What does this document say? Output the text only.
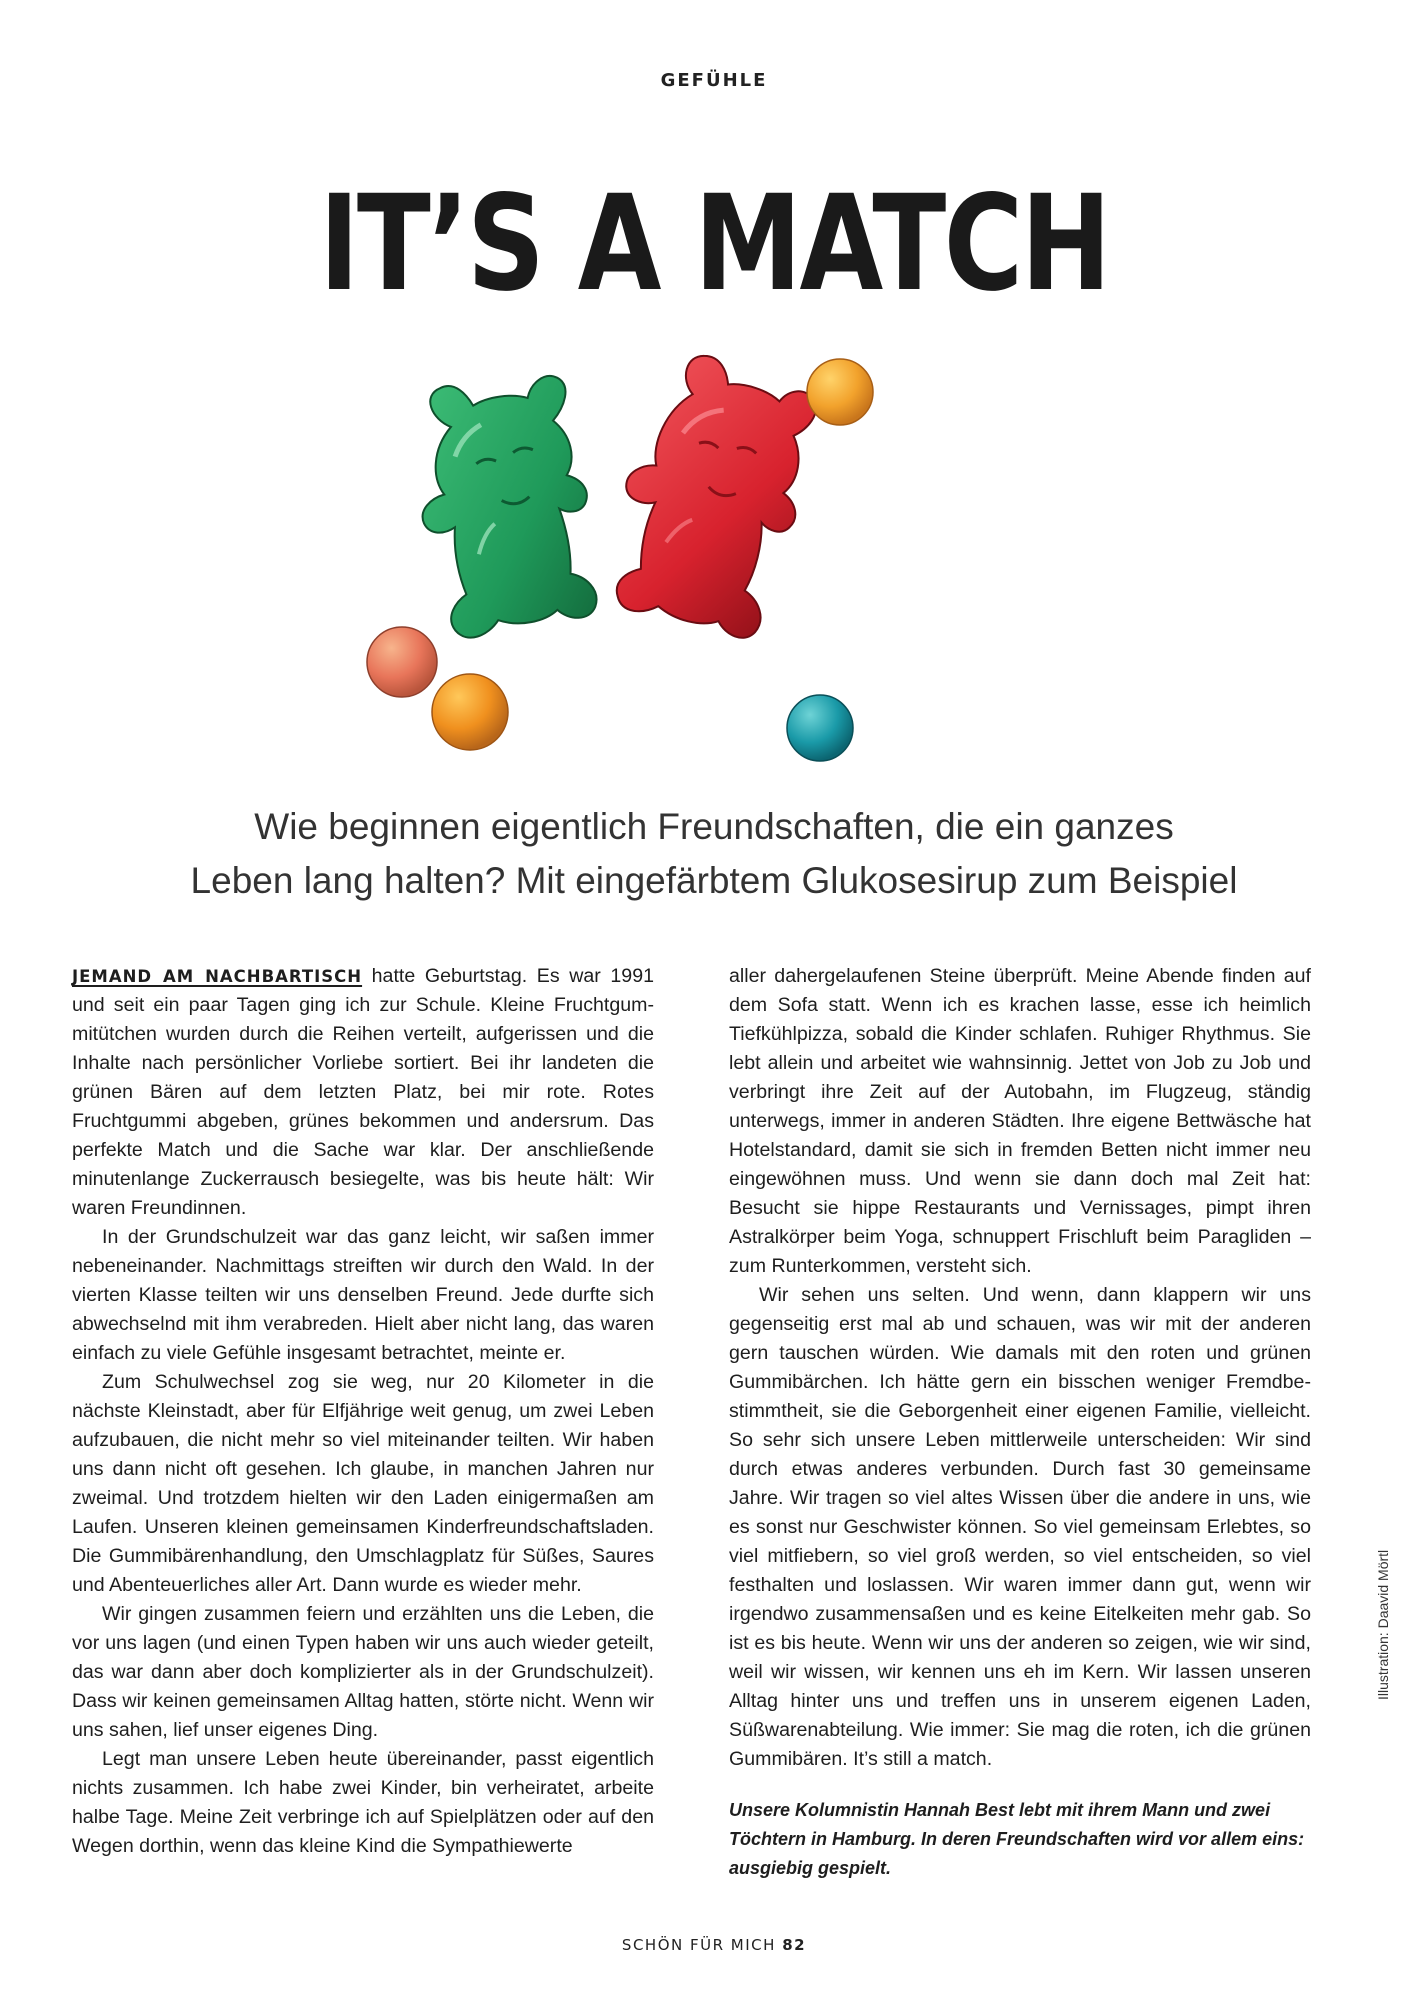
GEFÜHLE
IT’S A MATCH
Wie beginnen eigentlich Freundschaften, die ein ganzes
Leben lang halten? Mit eingefärbtem Glukosesirup zum Beispiel

JEMAND AM NACHBARTISCH hatte Geburtstag. Es war 1991 und seit ein paar Tagen ging ich zur Schule. Kleine Fruchtgummitütchen wurden durch die Reihen verteilt, aufgerissen und die Inhalte nach persönlicher Vorliebe sortiert. Bei ihr landeten die grünen Bären auf dem letzten Platz, bei mir rote. Rotes Fruchtgummi abgeben, grünes bekommen und andersrum. Das perfekte Match und die Sache war klar. Der anschließende minutenlange Zuckerrausch besiegelte, was bis heute hält: Wir waren Freundinnen.

In der Grundschulzeit war das ganz leicht, wir saßen immer nebeneinander. Nachmittags streiften wir durch den Wald. In der vierten Klasse teilten wir uns denselben Freund. Jede durfte sich abwechselnd mit ihm verabreden. Hielt aber nicht lang, das waren einfach zu viele Gefühle insgesamt betrachtet, meinte er.

Zum Schulwechsel zog sie weg, nur 20 Kilometer in die nächste Kleinstadt, aber für Elfjährige weit genug, um zwei Leben aufzubauen, die nicht mehr so viel miteinander teilten. Wir haben uns dann nicht oft gesehen. Ich glaube, in manchen Jahren nur zweimal. Und trotzdem hielten wir den Laden einigermaßen am Laufen. Unseren kleinen gemeinsamen Kinderfreundschaftsladen. Die Gummibärenhandlung, den Umschlagplatz für Süßes, Saures und Abenteuerliches aller Art. Dann wurde es wieder mehr.

Wir gingen zusammen feiern und erzählten uns die Leben, die vor uns lagen (und einen Typen haben wir uns auch wieder geteilt, das war dann aber doch komplizierter als in der Grundschulzeit). Dass wir keinen gemeinsamen Alltag hatten, störte nicht. Wenn wir uns sahen, lief unser eigenes Ding.

Legt man unsere Leben heute übereinander, passt eigentlich nichts zusammen. Ich habe zwei Kinder, bin verheiratet, arbeite halbe Tage. Meine Zeit verbringe ich auf Spielplätzen oder auf den Wegen dorthin, wenn das kleine Kind die Sympathiewerte

aller dahergelaufenen Steine überprüft. Meine Abende finden auf dem Sofa statt. Wenn ich es krachen lasse, esse ich heimlich Tiefkühlpizza, sobald die Kinder schlafen. Ruhiger Rhythmus. Sie lebt allein und arbeitet wie wahnsinnig. Jettet von Job zu Job und verbringt ihre Zeit auf der Autobahn, im Flugzeug, ständig unterwegs, immer in anderen Städten. Ihre eigene Bettwäsche hat Hotelstandard, damit sie sich in fremden Betten nicht immer neu eingewöhnen muss. Und wenn sie dann doch mal Zeit hat: Besucht sie hippe Restaurants und Vernissages, pimpt ihren Astralkörper beim Yoga, schnuppert Frischluft beim Paragliden – zum Runterkommen, versteht sich.

Wir sehen uns selten. Und wenn, dann klappern wir uns gegenseitig erst mal ab und schauen, was wir mit der anderen gern tauschen würden. Wie damals mit den roten und grünen Gummibärchen. Ich hätte gern ein bisschen weniger Fremdbestimmtheit, sie die Geborgenheit einer eigenen Familie, vielleicht. So sehr sich unsere Leben mittlerweile unterscheiden: Wir sind durch etwas anderes verbunden. Durch fast 30 gemeinsame Jahre. Wir tragen so viel altes Wissen über die andere in uns, wie es sonst nur Geschwister können. So viel gemeinsam Erlebtes, so viel mitfiebern, so viel groß werden, so viel entscheiden, so viel festhalten und loslassen. Wir waren immer dann gut, wenn wir irgendwo zusammensaßen und es keine Eitelkeiten mehr gab. So ist es bis heute. Wenn wir uns der anderen so zeigen, wie wir sind, weil wir wissen, wir kennen uns eh im Kern. Wir lassen unseren Alltag hinter uns und treffen uns in unserem eigenen Laden, Süßwarenabteilung. Wie immer: Sie mag die roten, ich die grünen Gummibären. It’s still a match.

Unsere Kolumnistin Hannah Best lebt mit ihrem Mann und zwei Töchtern in Hamburg. In deren Freundschaften wird vor allem eins: ausgiebig gespielt.

Illustration: Daavid Mörtl
SCHÖN FÜR MICH 82
